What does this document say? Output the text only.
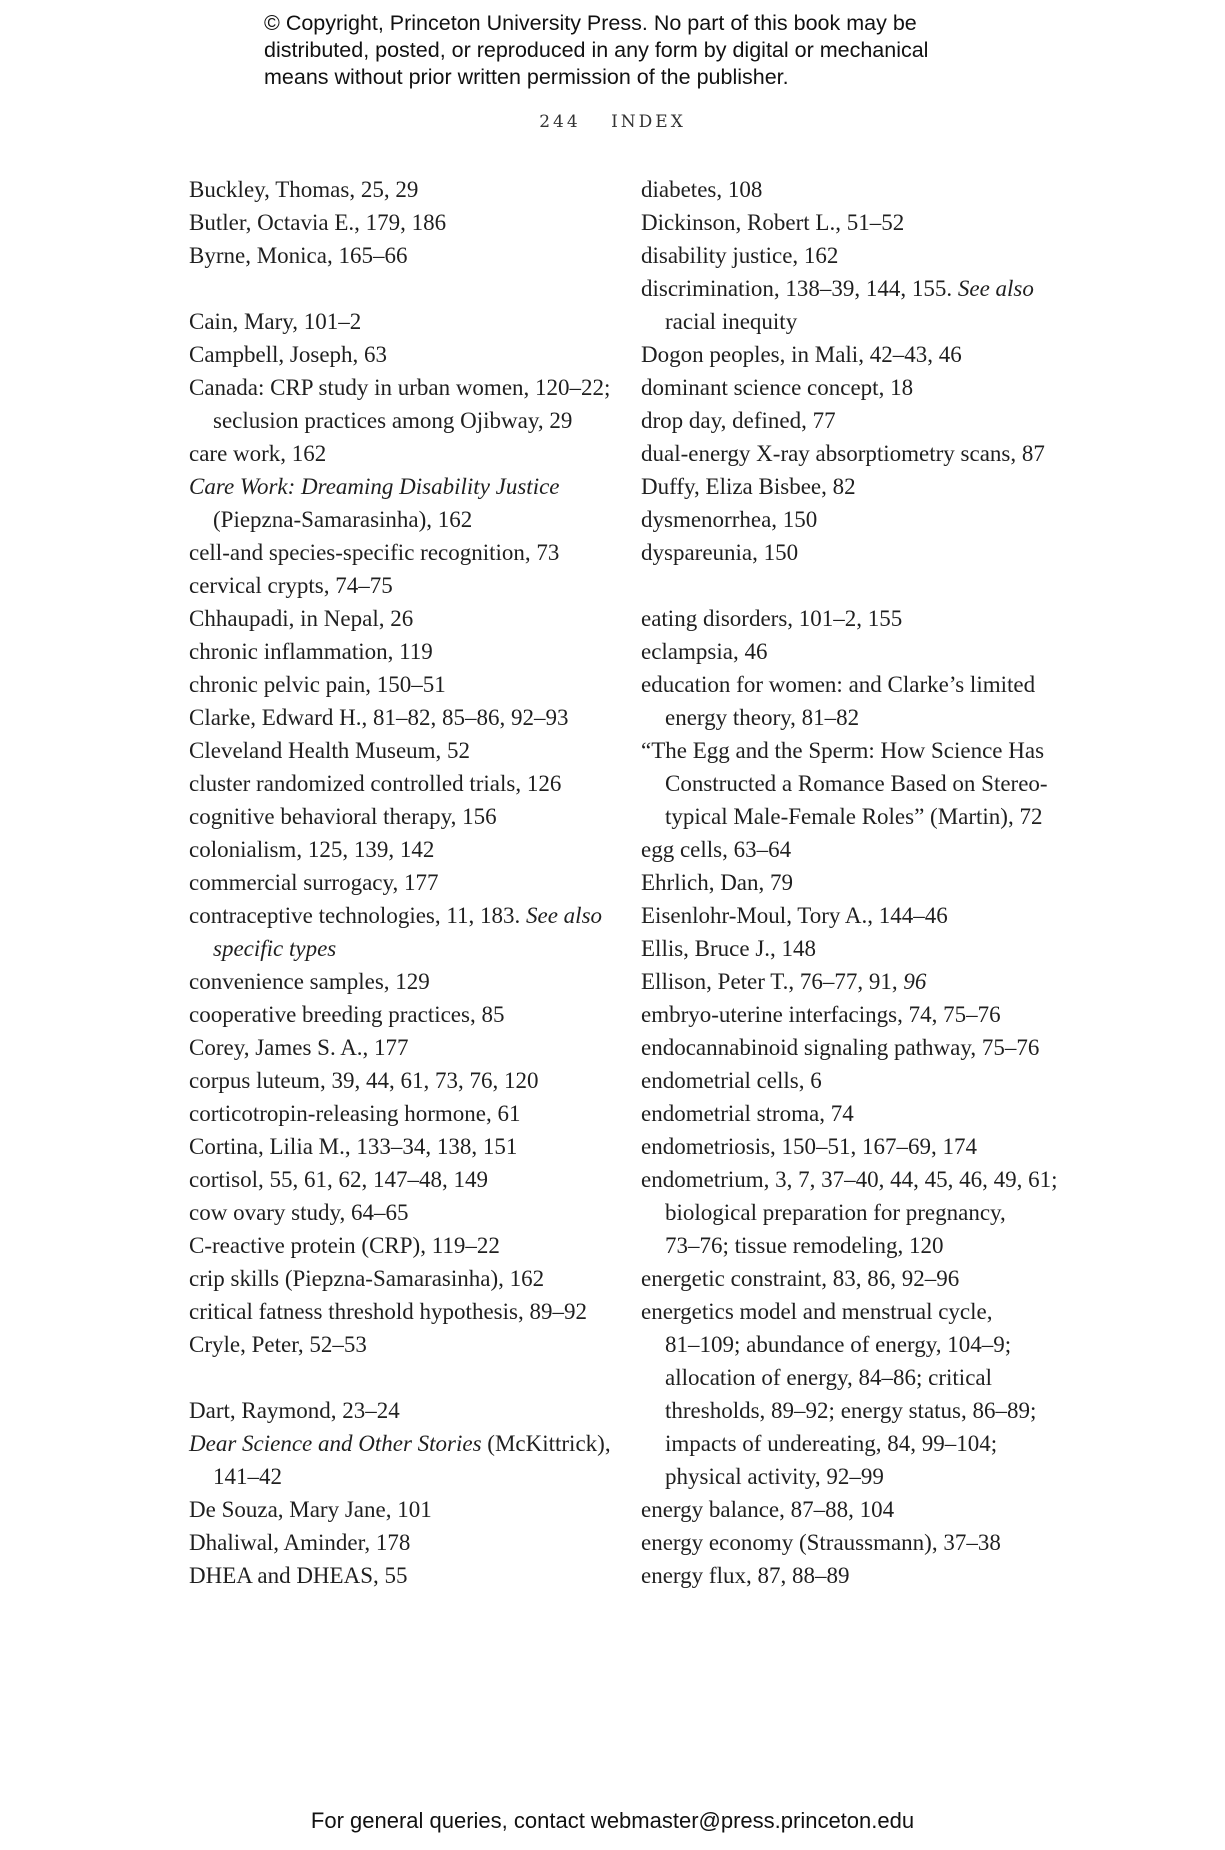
© Copyright, Princeton University Press. No part of this book may be
distributed, posted, or reproduced in any form by digital or mechanical
means without prior written permission of the publisher.
244 INDEX
Buckley, Thomas, 25, 29
Butler, Octavia E., 179, 186
Byrne, Monica, 165–66
Cain, Mary, 101–2
Campbell, Joseph, 63
Canada: CRP study in urban women, 120–22;
seclusion practices among Ojibway, 29
care work, 162
Care Work: Dreaming Disability Justice
(Piepzna-Samarasinha), 162
cell-and species-specific recognition, 73
cervical crypts, 74–75
Chhaupadi, in Nepal, 26
chronic inflammation, 119
chronic pelvic pain, 150–51
Clarke, Edward H., 81–82, 85–86, 92–93
Cleveland Health Museum, 52
cluster randomized controlled trials, 126
cognitive behavioral therapy, 156
colonialism, 125, 139, 142
commercial surrogacy, 177
contraceptive technologies, 11, 183. See also
specific types
convenience samples, 129
cooperative breeding practices, 85
Corey, James S. A., 177
corpus luteum, 39, 44, 61, 73, 76, 120
corticotropin-releasing hormone, 61
Cortina, Lilia M., 133–34, 138, 151
cortisol, 55, 61, 62, 147–48, 149
cow ovary study, 64–65
C-reactive protein (CRP), 119–22
crip skills (Piepzna-Samarasinha), 162
critical fatness threshold hypothesis, 89–92
Cryle, Peter, 52–53
Dart, Raymond, 23–24
Dear Science and Other Stories (McKittrick),
141–42
De Souza, Mary Jane, 101
Dhaliwal, Aminder, 178
DHEA and DHEAS, 55
diabetes, 108
Dickinson, Robert L., 51–52
disability justice, 162
discrimination, 138–39, 144, 155. See also
racial inequity
Dogon peoples, in Mali, 42–43, 46
dominant science concept, 18
drop day, defined, 77
dual-energy X-ray absorptiometry scans, 87
Duffy, Eliza Bisbee, 82
dysmenorrhea, 150
dyspareunia, 150
eating disorders, 101–2, 155
eclampsia, 46
education for women: and Clarke’s limited
energy theory, 81–82
“The Egg and the Sperm: How Science Has
Constructed a Romance Based on Stereo-
typical Male-Female Roles” (Martin), 72
egg cells, 63–64
Ehrlich, Dan, 79
Eisenlohr-Moul, Tory A., 144–46
Ellis, Bruce J., 148
Ellison, Peter T., 76–77, 91, 96
embryo-uterine interfacings, 74, 75–76
endocannabinoid signaling pathway, 75–76
endometrial cells, 6
endometrial stroma, 74
endometriosis, 150–51, 167–69, 174
endometrium, 3, 7, 37–40, 44, 45, 46, 49, 61;
biological preparation for pregnancy,
73–76; tissue remodeling, 120
energetic constraint, 83, 86, 92–96
energetics model and menstrual cycle,
81–109; abundance of energy, 104–9;
allocation of energy, 84–86; critical
thresholds, 89–92; energy status, 86–89;
impacts of undereating, 84, 99–104;
physical activity, 92–99
energy balance, 87–88, 104
energy economy (Straussmann), 37–38
energy flux, 87, 88–89
For general queries, contact webmaster@press.princeton.edu
